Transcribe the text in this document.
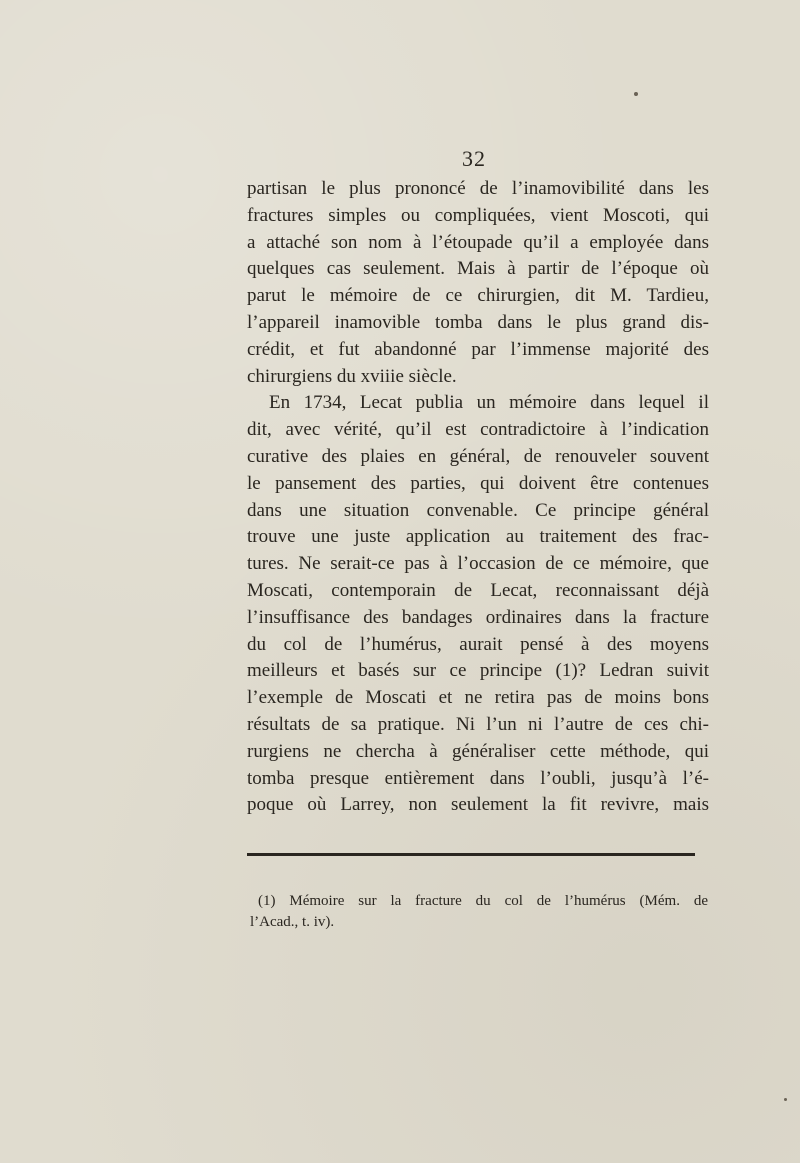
32
partisan le plus prononcé de l’inamovibilité dans les
fractures simples ou compliquées, vient Moscoti, qui
a attaché son nom à l’étoupade qu’il a employée dans
quelques cas seulement. Mais à partir de l’époque où
parut le mémoire de ce chirurgien, dit M. Tardieu,
l’appareil inamovible tomba dans le plus grand dis-
crédit, et fut abandonné par l’immense majorité des
chirurgiens du xviiie siècle.
En 1734, Lecat publia un mémoire dans lequel il
dit, avec vérité, qu’il est contradictoire à l’indication
curative des plaies en général, de renouveler souvent
le pansement des parties, qui doivent être contenues
dans une situation convenable. Ce principe général
trouve une juste application au traitement des frac-
tures. Ne serait-ce pas à l’occasion de ce mémoire, que
Moscati, contemporain de Lecat, reconnaissant déjà
l’insuffisance des bandages ordinaires dans la fracture
du col de l’humérus, aurait pensé à des moyens
meilleurs et basés sur ce principe (1)? Ledran suivit
l’exemple de Moscati et ne retira pas de moins bons
résultats de sa pratique. Ni l’un ni l’autre de ces chi-
rurgiens ne chercha à généraliser cette méthode, qui
tomba presque entièrement dans l’oubli, jusqu’à l’é-
poque où Larrey, non seulement la fit revivre, mais
(1) Mémoire sur la fracture du col de l’humérus (Mém. de
l’Acad., t. iv).
